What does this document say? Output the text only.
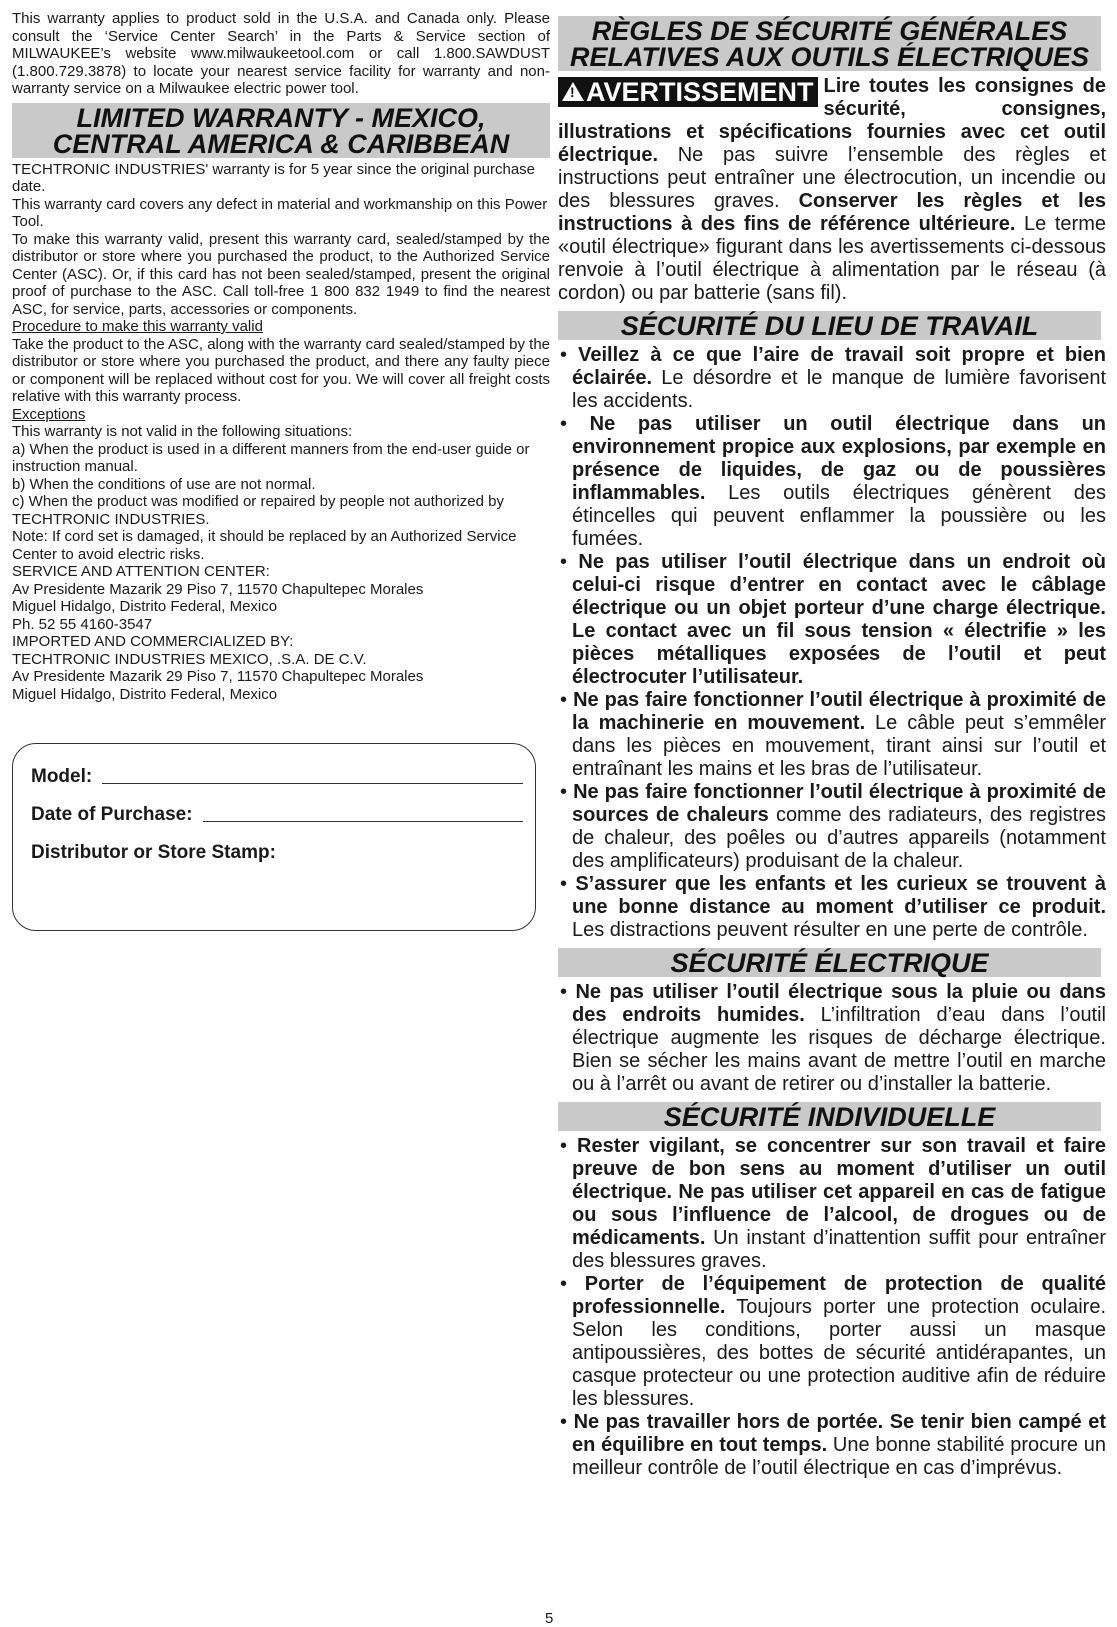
This warranty applies to product sold in the U.S.A. and Canada only. Please consult the ‘Service Center Search’ in the Parts & Service section of MILWAUKEE’s website www.milwaukeetool.com or call 1.800.SAWDUST (1.800.729.3878) to locate your nearest service facility for warranty and non-warranty service on a Milwaukee electric power tool.

LIMITED WARRANTY - MEXICO, CENTRAL AMERICA & CARIBBEAN

TECHTRONIC INDUSTRIES' warranty is for 5 year since the original purchase date.

This warranty card covers any defect in material and workmanship on this Power Tool.

To make this warranty valid, present this warranty card, sealed/stamped by the distributor or store where you purchased the product, to the Authorized Service Center (ASC). Or, if this card has not been sealed/stamped, present the original proof of purchase to the ASC. Call toll-free 1 800 832 1949 to find the nearest ASC, for service, parts, accessories or components.

Procedure to make this warranty valid

Take the product to the ASC, along with the warranty card sealed/stamped by the distributor or store where you purchased the product, and there any faulty piece or component will be replaced without cost for you. We will cover all freight costs relative with this warranty process.

Exceptions

This warranty is not valid in the following situations:

a) When the product is used in a different manners from the end-user guide or instruction manual.

b) When the conditions of use are not normal.

c) When the product was modified or repaired by people not authorized by TECHTRONIC INDUSTRIES.

Note: If cord set is damaged, it should be replaced by an Authorized Service Center to avoid electric risks.

SERVICE AND ATTENTION CENTER:

Av Presidente Mazarik 29 Piso 7, 11570 Chapultepec Morales

Miguel Hidalgo, Distrito Federal, Mexico

Ph. 52 55 4160-3547

IMPORTED AND COMMERCIALIZED BY:

TECHTRONIC INDUSTRIES MEXICO, .S.A. DE C.V.

Av Presidente Mazarik 29 Piso 7, 11570 Chapultepec Morales

Miguel Hidalgo, Distrito Federal, Mexico

Model:
Date of Purchase:
Distributor or Store Stamp:
RÈGLES DE SÉCURITÉ GÉNÉRALES RELATIVES AUX OUTILS ÉLECTRIQUES

! AVERTISSEMENT Lire toutes les consignes de sécurité, consignes, illustrations et spécifications fournies avec cet outil électrique. Ne pas suivre l’ensemble des règles et instructions peut entraîner une électrocution, un incendie ou des blessures graves. Conserver les règles et les instructions à des fins de référence ultérieure. Le terme «outil électrique» figurant dans les avertissements ci-dessous renvoie à l’outil électrique à alimentation par le réseau (à cordon) ou par batterie (sans fil).

SÉCURITÉ DU LIEU DE TRAVAIL

• Veillez à ce que l’aire de travail soit propre et bien éclairée. Le désordre et le manque de lumière favorisent les accidents.

• Ne pas utiliser un outil électrique dans un environnement propice aux explosions, par exemple en présence de liquides, de gaz ou de poussières inflammables. Les outils électriques génèrent des étincelles qui peuvent enflammer la poussière ou les fumées.

• Ne pas utiliser l’outil électrique dans un endroit où celui-ci risque d’entrer en contact avec le câblage électrique ou un objet porteur d’une charge électrique. Le contact avec un fil sous tension « électrifie » les pièces métalliques exposées de l’outil et peut électrocuter l’utilisateur.

• Ne pas faire fonctionner l’outil électrique à proximité de la machinerie en mouvement. Le câble peut s’emmêler dans les pièces en mouvement, tirant ainsi sur l’outil et entraînant les mains et les bras de l’utilisateur.

• Ne pas faire fonctionner l’outil électrique à proximité de sources de chaleurs comme des radiateurs, des registres de chaleur, des poêles ou d’autres appareils (notamment des amplificateurs) produisant de la chaleur.

• S’assurer que les enfants et les curieux se trouvent à une bonne distance au moment d’utiliser ce produit. Les distractions peuvent résulter en une perte de contrôle.

SÉCURITÉ ÉLECTRIQUE

• Ne pas utiliser l’outil électrique sous la pluie ou dans des endroits humides. L’infiltration d’eau dans l’outil électrique augmente les risques de décharge électrique. Bien se sécher les mains avant de mettre l’outil en marche ou à l’arrêt ou avant de retirer ou d’installer la batterie.

SÉCURITÉ INDIVIDUELLE

• Rester vigilant, se concentrer sur son travail et faire preuve de bon sens au moment d’utiliser un outil électrique. Ne pas utiliser cet appareil en cas de fatigue ou sous l’influence de l’alcool, de drogues ou de médicaments. Un instant d’inattention suffit pour entraîner des blessures graves.

• Porter de l’équipement de protection de qualité professionnelle. Toujours porter une protection oculaire. Selon les conditions, porter aussi un masque antipoussières, des bottes de sécurité antidérapantes, un casque protecteur ou une protection auditive afin de réduire les blessures.

• Ne pas travailler hors de portée. Se tenir bien campé et en équilibre en tout temps. Une bonne stabilité procure un meilleur contrôle de l’outil électrique en cas d’imprévus.

5
